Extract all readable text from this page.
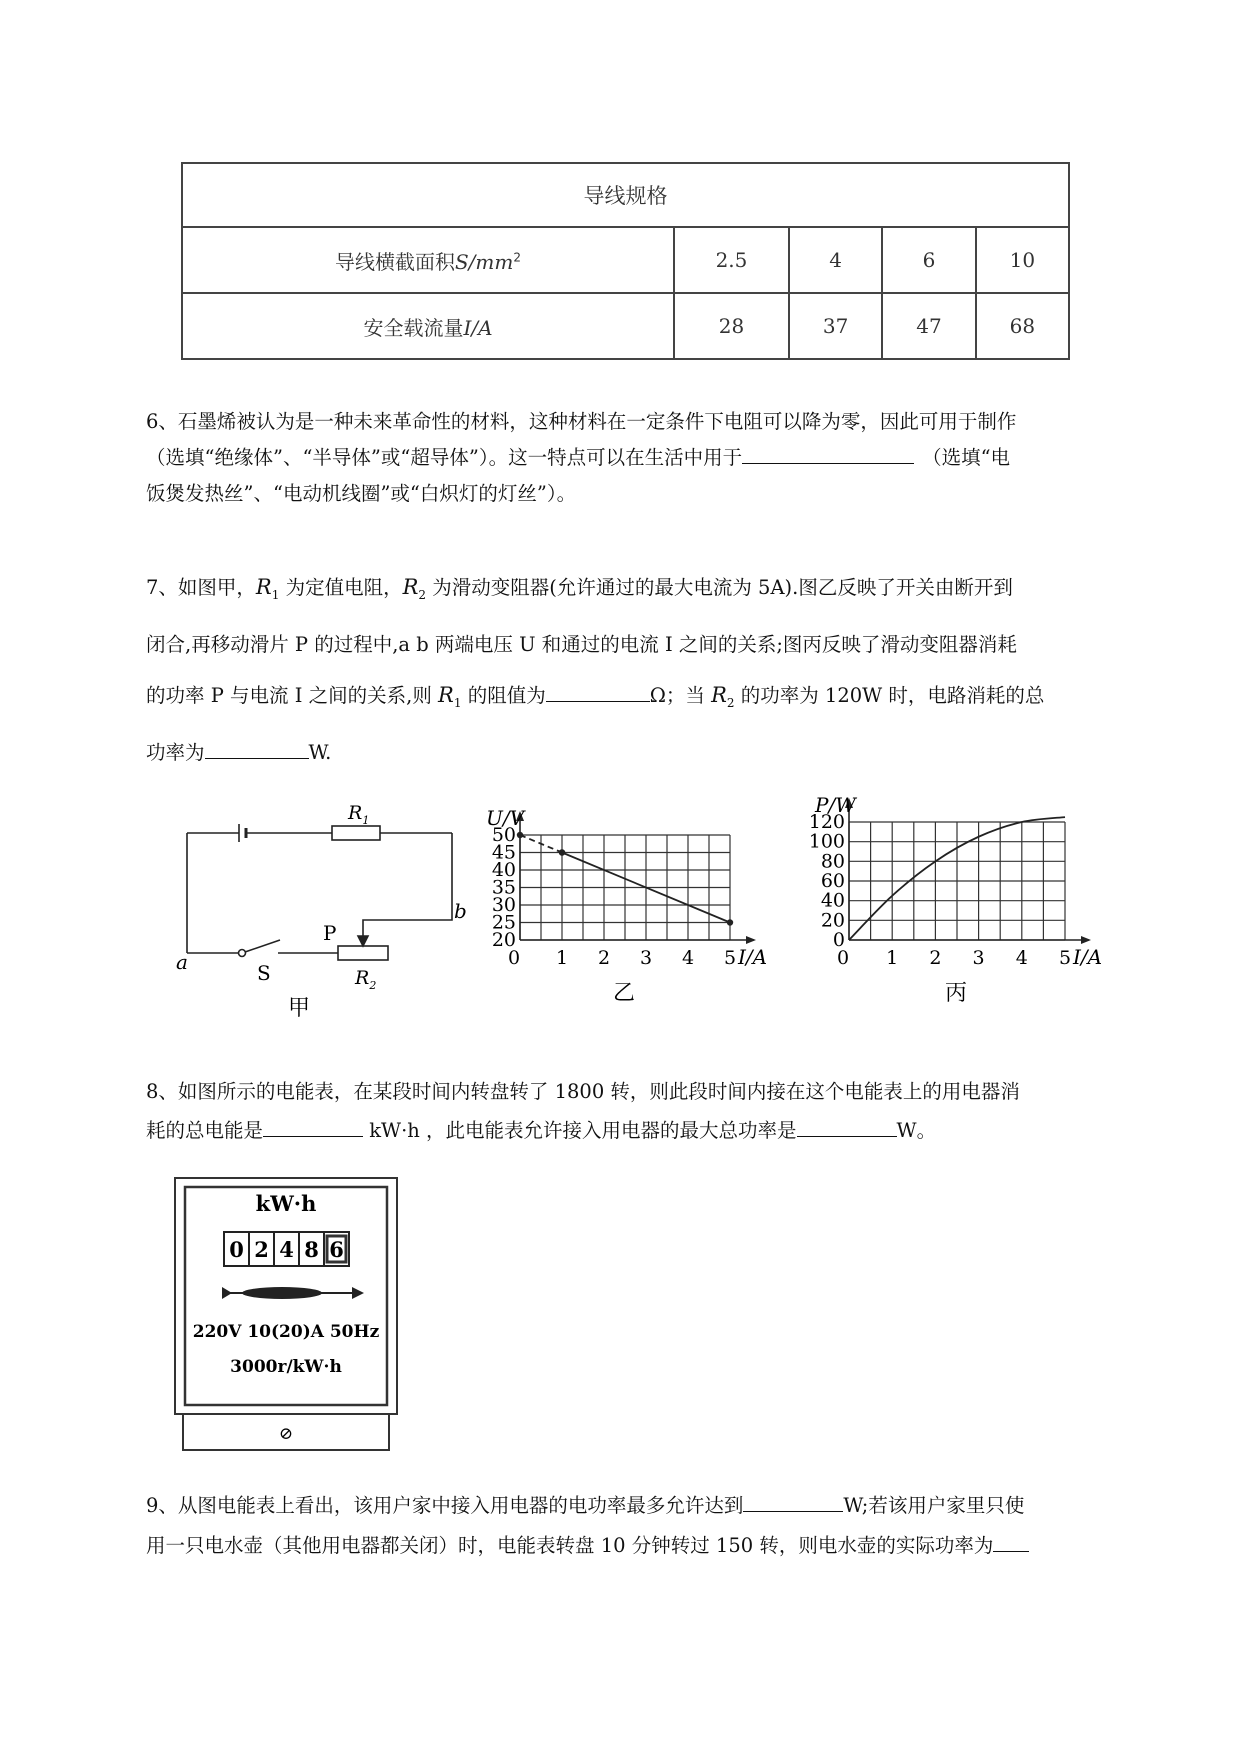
导线规格				
导线横截面积$S/mm^2$	2.5	4	6	10
安全载流量I/A	28	37	47	68
6、石墨烯被认为是一种未来革命性的材料，这种材料在一定条件下电阻可以降为零，因此可用于制作
（选填“绝缘体”、“半导体”或“超导体”）。这一特点可以在生活中用于	（选填“电
饭煲发热丝”、“电动机线圈”或“白炽灯的灯丝”）。
7、如图甲，$R_1$ 为定值电阻，$R_2$ 为滑动变阻器(允许通过的最大电流为 5A).图乙反映了开关由断开到
闭合,再移动滑片 P 的过程中,a b 两端电压 U 和通过的电流 I 之间的关系;图丙反映了滑动变阻器消耗
的功率 P 与电流 I 之间的关系,则 $R_1$ 的阻值为	Ω；当 $R_2$ 的功率为 120W 时，电路消耗的总
功率为	W.
$R_1$
$R_2$
P
S
a
b
甲
0 1 2 3 4 5
20
25
30
35
40
45
50
U/V
I/A
乙
0 1 2 3 4 5
0
20
40
60
80
100
120
P/W
I/A
丙
8、如图所示的电能表，在某段时间内转盘转了 1800 转，则此段时间内接在这个电能表上的用电器消
耗的总电能是	kW·h ，此电能表允许接入用电器的最大总功率是	W。
kW·h
0 2 4 8 6
220V 10(20)A 50Hz
3000r/kW·h
⊘
9、从图电能表上看出，该用户家中接入用电器的电功率最多允许达到	W;若该用户家里只使
用一只电水壶（其他用电器都关闭）时，电能表转盘 10 分钟转过 150 转，则电水壶的实际功率为
